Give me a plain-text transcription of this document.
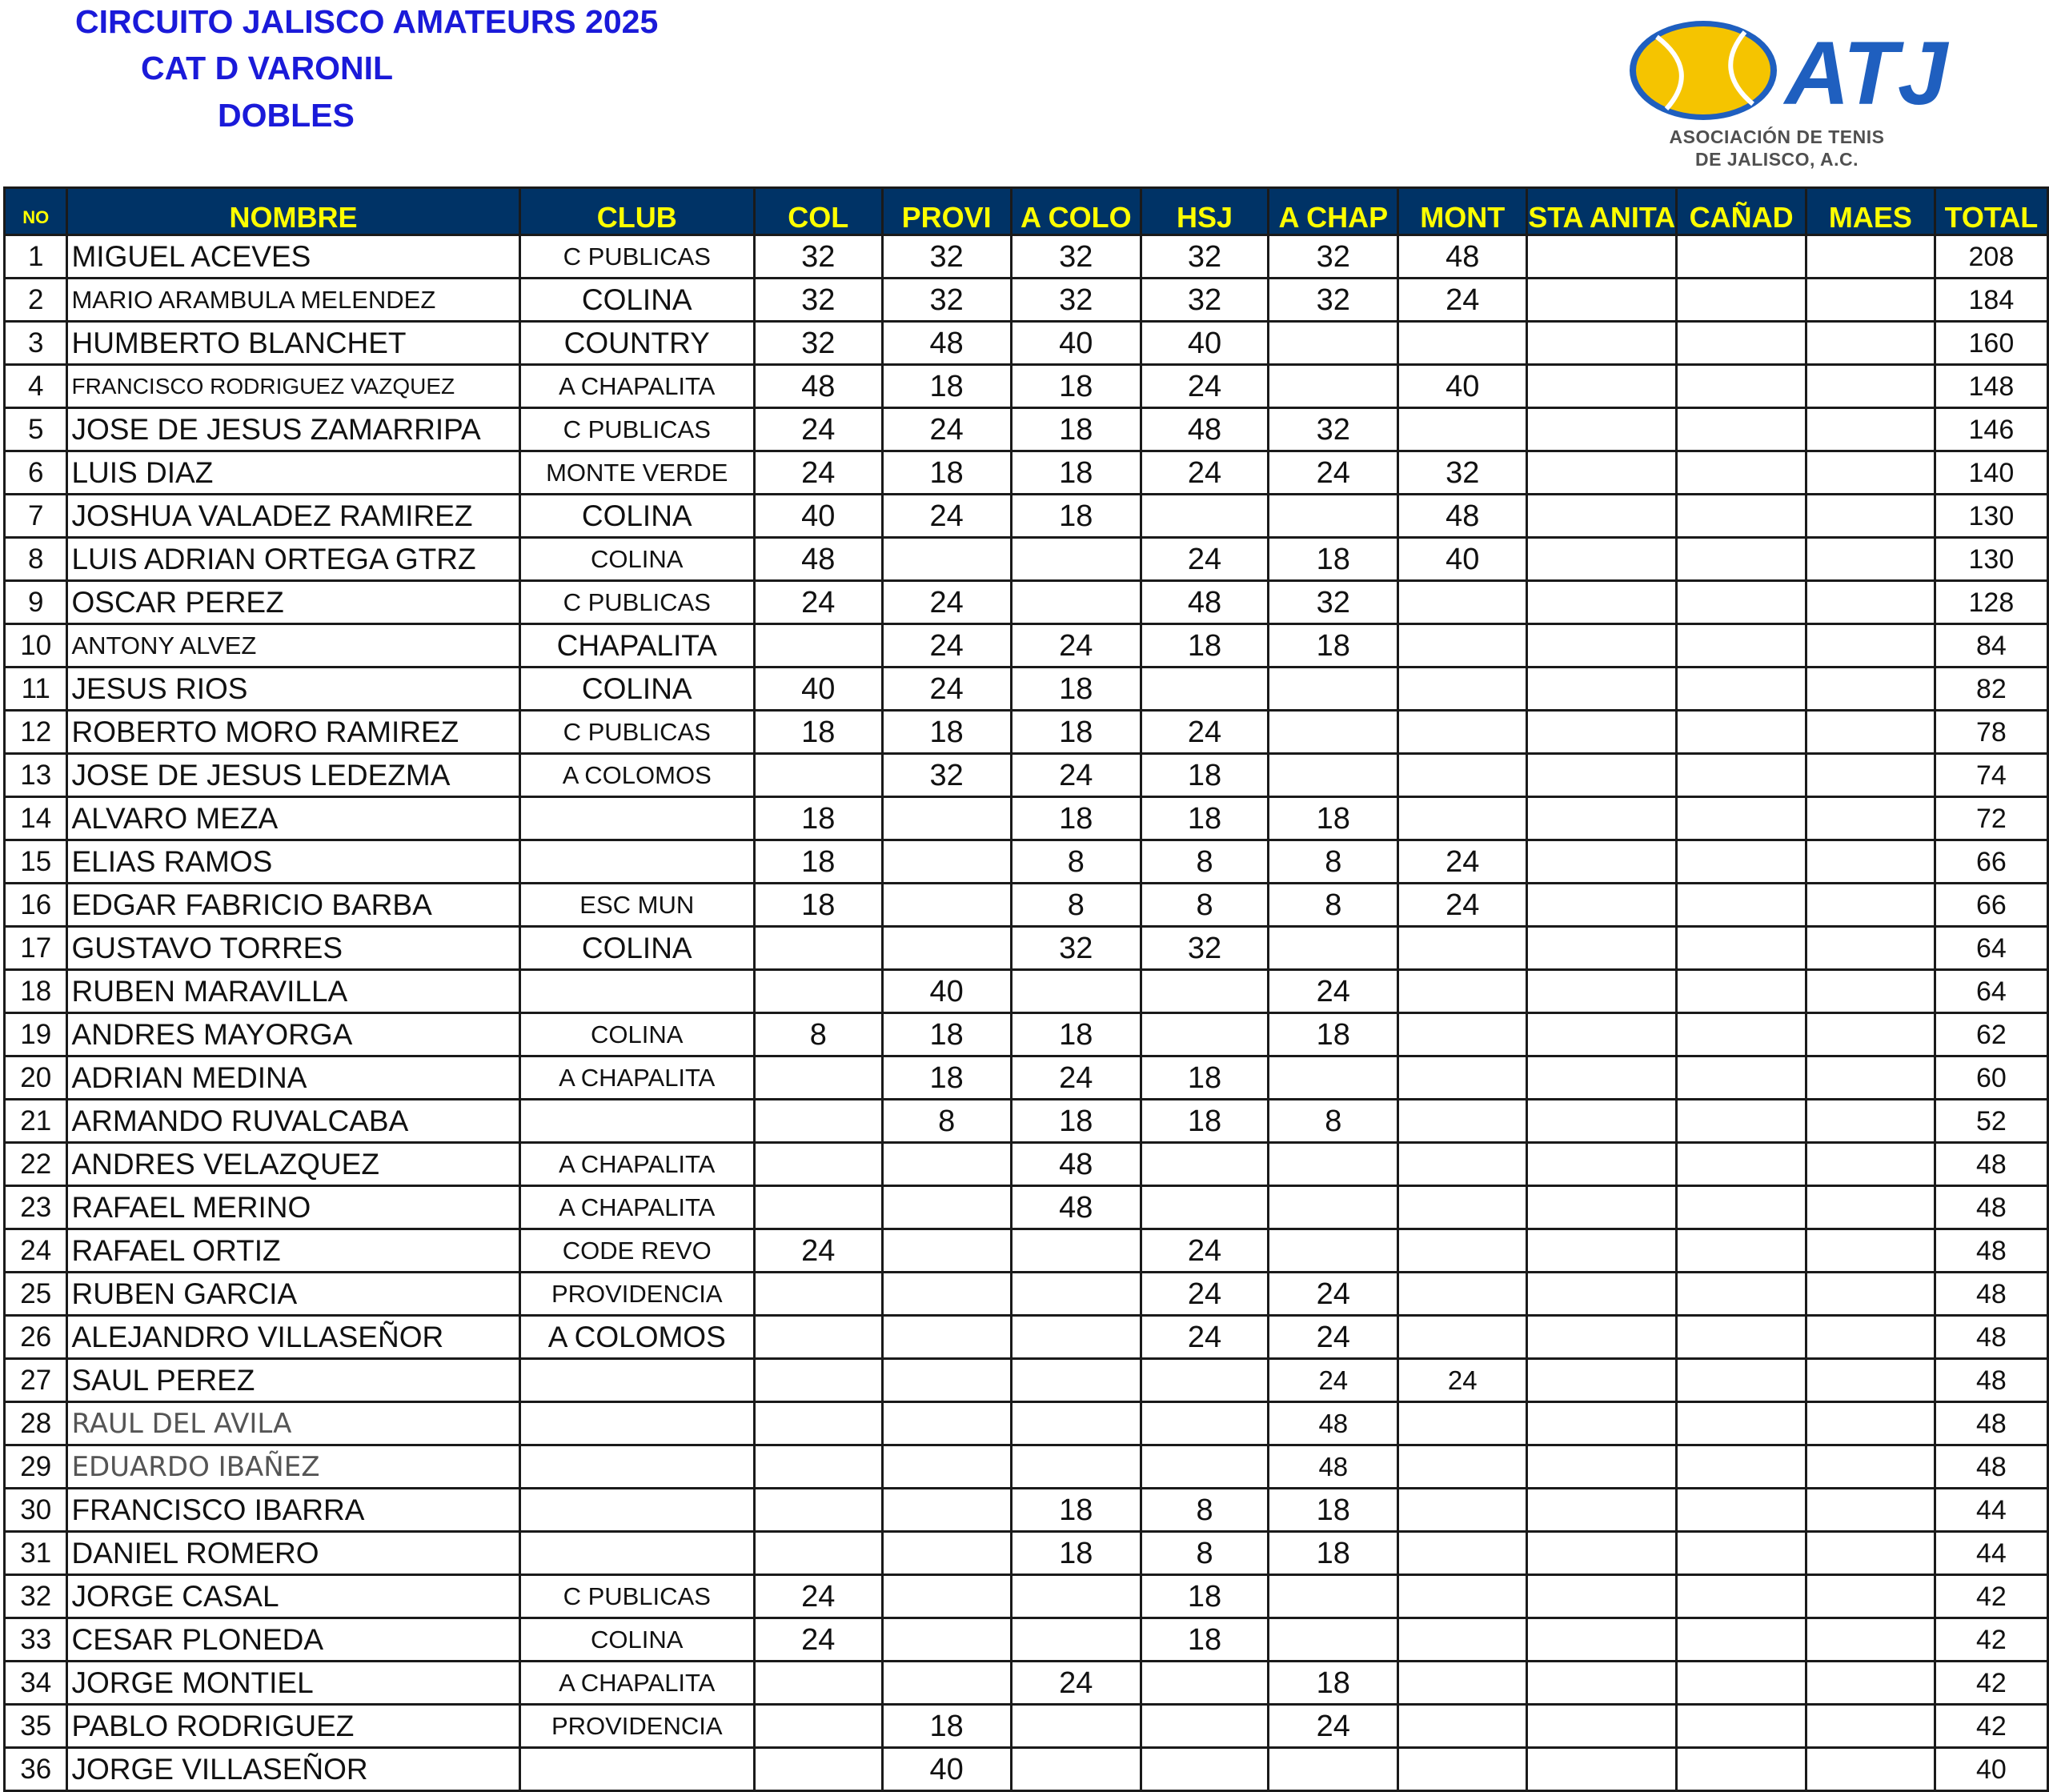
CIRCUITO JALISCO AMATEURS 2025
CAT D VARONIL
DOBLES	ATJ
ASOCIACIÓN DE TENIS
DE JALISCO, A.C.
NO	NOMBRE	CLUB	COL	PROVI	A COLO	HSJ	A CHAP	MONT	STA ANITA	CAÑAD	MAES	TOTAL
1	MIGUEL ACEVES	C PUBLICAS	32	32	32	32	32	48				208
2	MARIO ARAMBULA MELENDEZ	COLINA	32	32	32	32	32	24				184
3	HUMBERTO BLANCHET	COUNTRY	32	48	40	40						160
4	FRANCISCO RODRIGUEZ VAZQUEZ	A CHAPALITA	48	18	18	24		40				148
5	JOSE DE JESUS ZAMARRIPA	C PUBLICAS	24	24	18	48	32					146
6	LUIS DIAZ	MONTE VERDE	24	18	18	24	24	32				140
7	JOSHUA VALADEZ RAMIREZ	COLINA	40	24	18			48				130
8	LUIS ADRIAN ORTEGA GTRZ	COLINA	48			24	18	40				130
9	OSCAR PEREZ	C PUBLICAS	24	24		48	32					128
10	ANTONY ALVEZ	CHAPALITA		24	24	18	18					84
11	JESUS RIOS	COLINA	40	24	18							82
12	ROBERTO MORO RAMIREZ	C PUBLICAS	18	18	18	24						78
13	JOSE DE JESUS LEDEZMA	A COLOMOS		32	24	18						74
14	ALVARO MEZA		18		18	18	18					72
15	ELIAS RAMOS		18		8	8	8	24				66
16	EDGAR FABRICIO BARBA	ESC MUN	18		8	8	8	24				66
17	GUSTAVO TORRES	COLINA			32	32						64
18	RUBEN MARAVILLA			40			24					64
19	ANDRES MAYORGA	COLINA	8	18	18		18					62
20	ADRIAN MEDINA	A CHAPALITA		18	24	18						60
21	ARMANDO RUVALCABA			8	18	18	8					52
22	ANDRES VELAZQUEZ	A CHAPALITA			48							48
23	RAFAEL MERINO	A CHAPALITA			48							48
24	RAFAEL ORTIZ	CODE REVO	24			24						48
25	RUBEN GARCIA	PROVIDENCIA				24	24					48
26	ALEJANDRO VILLASEÑOR	A COLOMOS				24	24					48
27	SAUL PEREZ						24	24				48
28	RAUL DEL AVILA						48					48
29	EDUARDO IBAÑEZ						48					48
30	FRANCISCO IBARRA				18	8	18					44
31	DANIEL ROMERO				18	8	18					44
32	JORGE CASAL	C PUBLICAS	24			18						42
33	CESAR PLONEDA	COLINA	24			18						42
34	JORGE MONTIEL	A CHAPALITA			24		18					42
35	PABLO RODRIGUEZ	PROVIDENCIA		18			24					42
36	JORGE VILLASEÑOR			40								40
